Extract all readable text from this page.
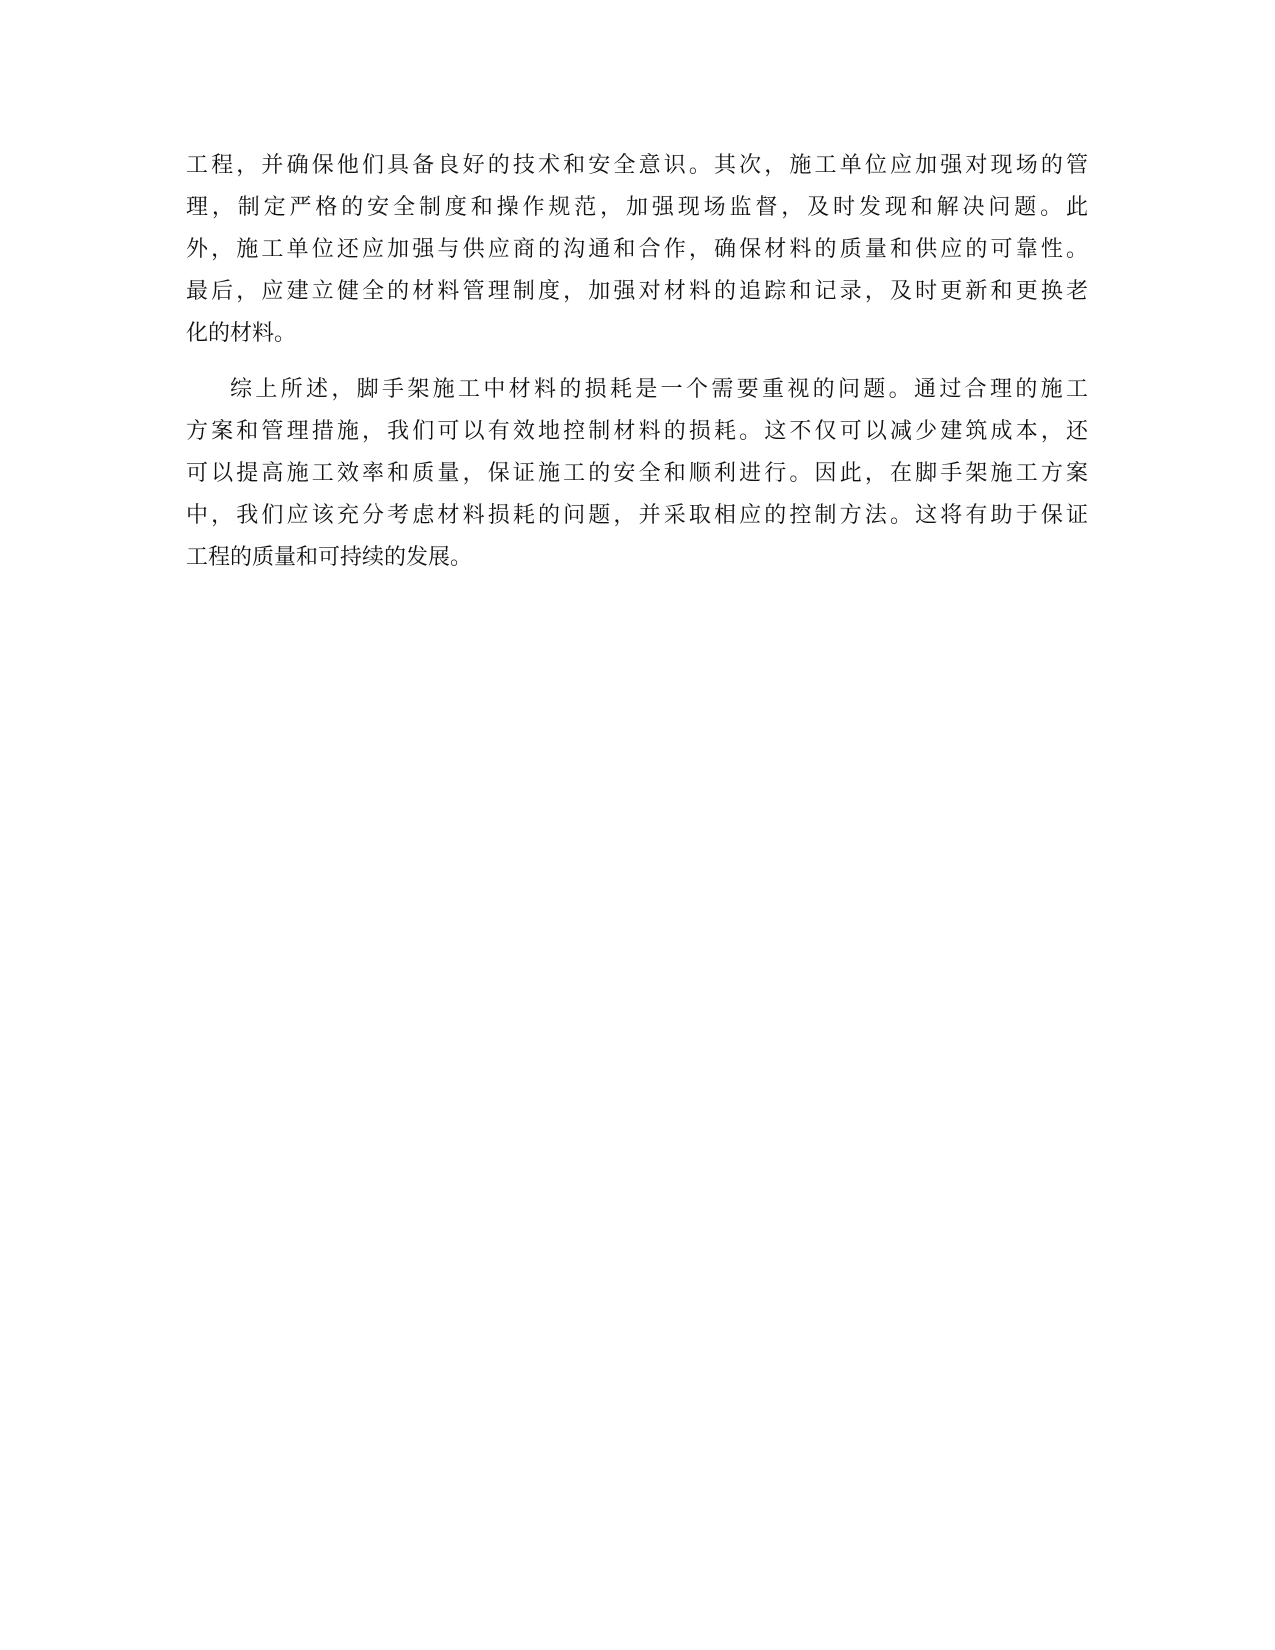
工程，并确保他们具备良好的技术和安全意识。其次，施工单位应加强对现场的管
理，制定严格的安全制度和操作规范，加强现场监督，及时发现和解决问题。此
外，施工单位还应加强与供应商的沟通和合作，确保材料的质量和供应的可靠性。
最后，应建立健全的材料管理制度，加强对材料的追踪和记录，及时更新和更换老
化的材料。

综上所述，脚手架施工中材料的损耗是一个需要重视的问题。通过合理的施工
方案和管理措施，我们可以有效地控制材料的损耗。这不仅可以减少建筑成本，还
可以提高施工效率和质量，保证施工的安全和顺利进行。因此，在脚手架施工方案
中，我们应该充分考虑材料损耗的问题，并采取相应的控制方法。这将有助于保证
工程的质量和可持续的发展。
